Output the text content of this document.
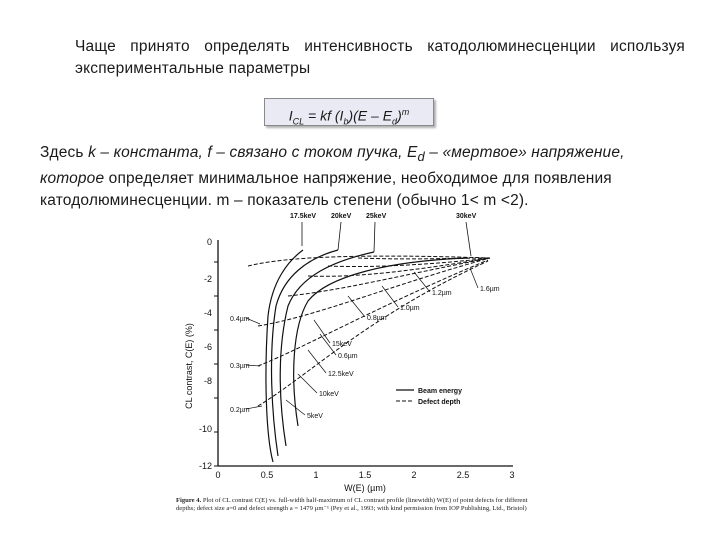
Чаще принято определять интенсивность катодолюминесценции используя экспериментальные параметры
$I_{CL}$ = kf $(I_b)(E - E_d)^m$
Здесь k – константа, f – связано с током пучка, $E_d$ – «мертвое» напряжение, которое определяет минимальное напряжение, необходимое для появления катодолюминесценции. m – показатель степени (обычно 1< m <2).
0
-2
-4
-6
-8
-10
-12
0	0.5	1	1.5	2	2.5	3
W(E) (µm)
CL contrast, C(E) (%)
17.5keV 20keV 25keV	30keV
0.4µm
0.3µm
0.2µm
1.2µm
1.6µm
1.0µm
0.8µm
15keV
0.6µm
12.5keV
10keV
5keV
Beam energy
Defect depth
Figure 4. Plot of CL contrast C(E) vs. full-width half-maximum of CL contrast profile (linewidth) W(E) of point defects for different depths; defect size a=0 and defect strength a = 1479 µm⁻¹ (Pey et al., 1993; with kind permission from IOP Publishing, Ltd., Bristol)
